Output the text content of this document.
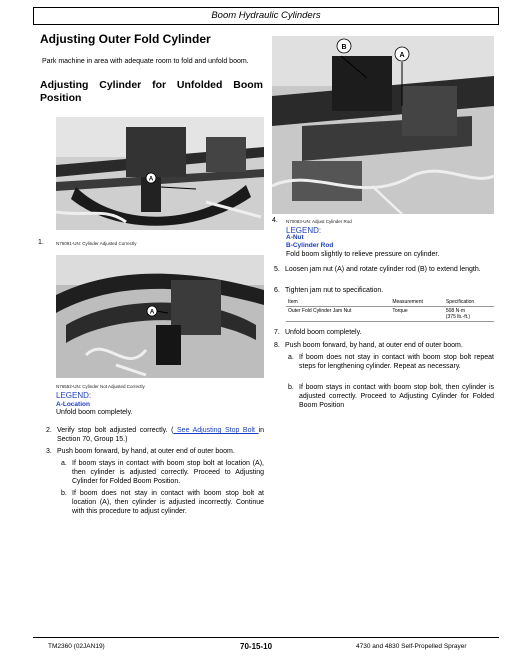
Boom Hydraulic Cylinders
Adjusting Outer Fold Cylinder
Park machine in area with adequate room to fold and unfold boom.
Adjusting Cylinder for Unfolded Boom
Position
A
1.	N76091-UN: Cylinder Adjusted Correctly
A
N76552-UN: Cylinder Not Adjusted Correctly
LEGEND:
A-Location
Unfold boom completely.
B
A
4. N70083-UN: Adjust Cylinder Rod
LEGEND:
A-Nut
B-Cylinder Rod
Fold boom slightly to relieve pressure on cylinder.
2. Verify stop bolt adjusted correctly. ( See Adjusting Stop Bolt in Section 70, Group 15.)
3. Push boom forward, by hand, at outer end of outer boom.
a. If boom stays in contact with boom stop bolt at location (A), then cylinder is adjusted correctly. Proceed to Adjusting Cylinder for Folded Boom Position.
b. If boom does not stay in contact with boom stop bolt at location (A), then cylinder is adjusted incorrectly. Continue with this procedure to adjust cylinder.
5. Loosen jam nut (A) and rotate cylinder rod (B) to extend length.
6. Tighten jam nut to specification.
Item	Measurement	Specification
Outer Fold Cylinder Jam Nut	Torque	508 N·m
(375 lb.-ft.)
7. Unfold boom completely.
8. Push boom forward, by hand, at outer end of outer boom.
a. If boom does not stay in contact with boom stop bolt repeat steps for lengthening cylinder. Repeat as necessary.
b. If boom stays in contact with boom stop bolt, then cylinder is adjusted correctly. Proceed to Adjusting Cylinder for Folded Boom Position
TM2360 (02JAN19)	70-15-10	4730 and 4830 Self-Propelled Sprayer
